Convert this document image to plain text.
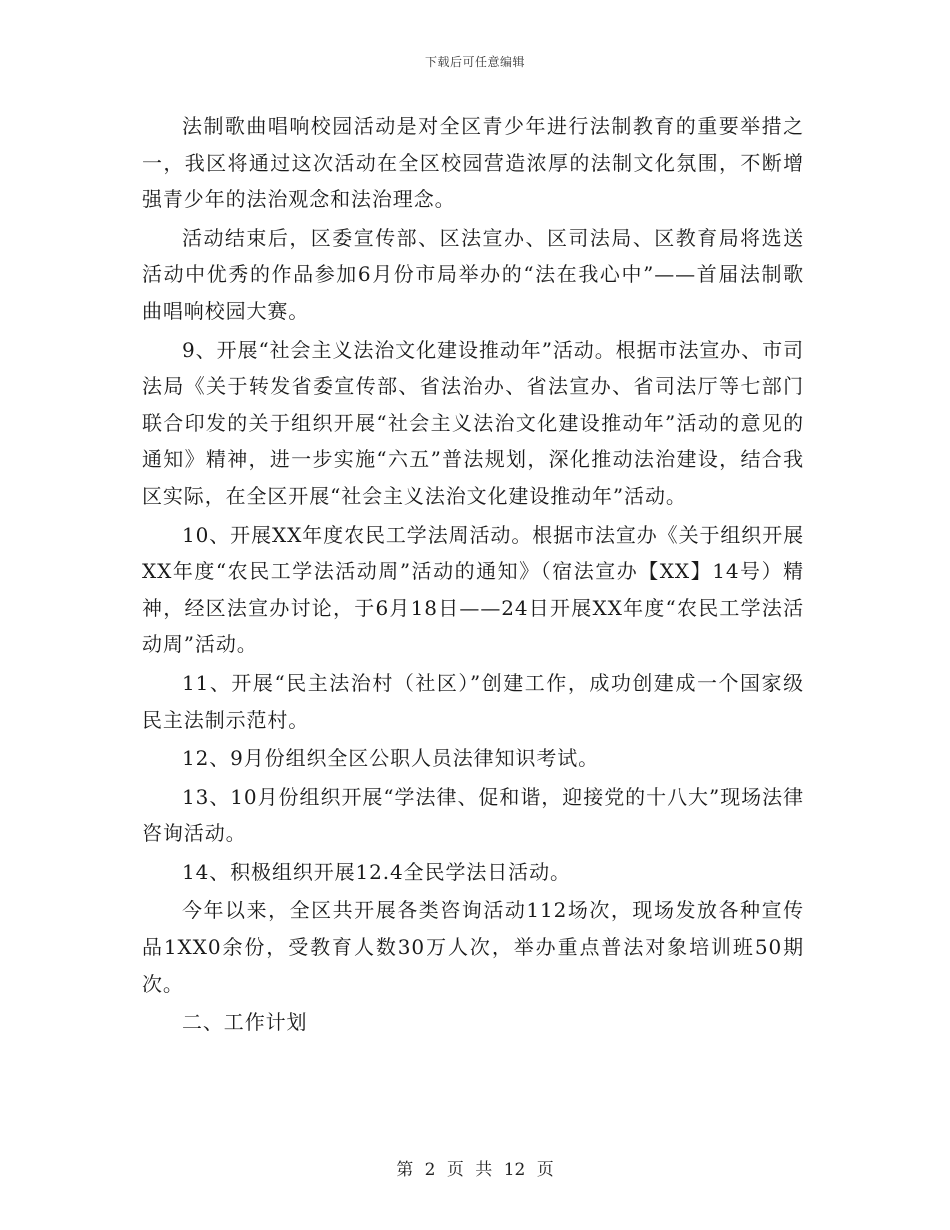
下载后可任意编辑

法制歌曲唱响校园活动是对全区青少年进行法制教育的重要举措之一，我区将通过这次活动在全区校园营造浓厚的法制文化氛围，不断增强青少年的法治观念和法治理念。

活动结束后，区委宣传部、区法宣办、区司法局、区教育局将选送活动中优秀的作品参加6月份市局举办的“法在我心中”——首届法制歌曲唱响校园大赛。

9、开展“社会主义法治文化建设推动年”活动。根据市法宣办、市司法局《关于转发省委宣传部、省法治办、省法宣办、省司法厅等七部门联合印发的关于组织开展“社会主义法治文化建设推动年”活动的意见的通知》精神，进一步实施“六五”普法规划，深化推动法治建设，结合我区实际，在全区开展“社会主义法治文化建设推动年”活动。

10、开展XX年度农民工学法周活动。根据市法宣办《关于组织开展XX年度“农民工学法活动周”活动的通知》（宿法宣办【XX】14号）精神，经区法宣办讨论，于6月18日——24日开展XX年度“农民工学法活动周”活动。

11、开展“民主法治村（社区）”创建工作，成功创建成一个国家级民主法制示范村。

12、9月份组织全区公职人员法律知识考试。

13、10月份组织开展“学法律、促和谐，迎接党的十八大”现场法律咨询活动。

14、积极组织开展12.4全民学法日活动。

今年以来，全区共开展各类咨询活动112场次，现场发放各种宣传品1XX0余份，受教育人数30万人次，举办重点普法对象培训班50期次。

二、工作计划

第 2 页 共 12 页
